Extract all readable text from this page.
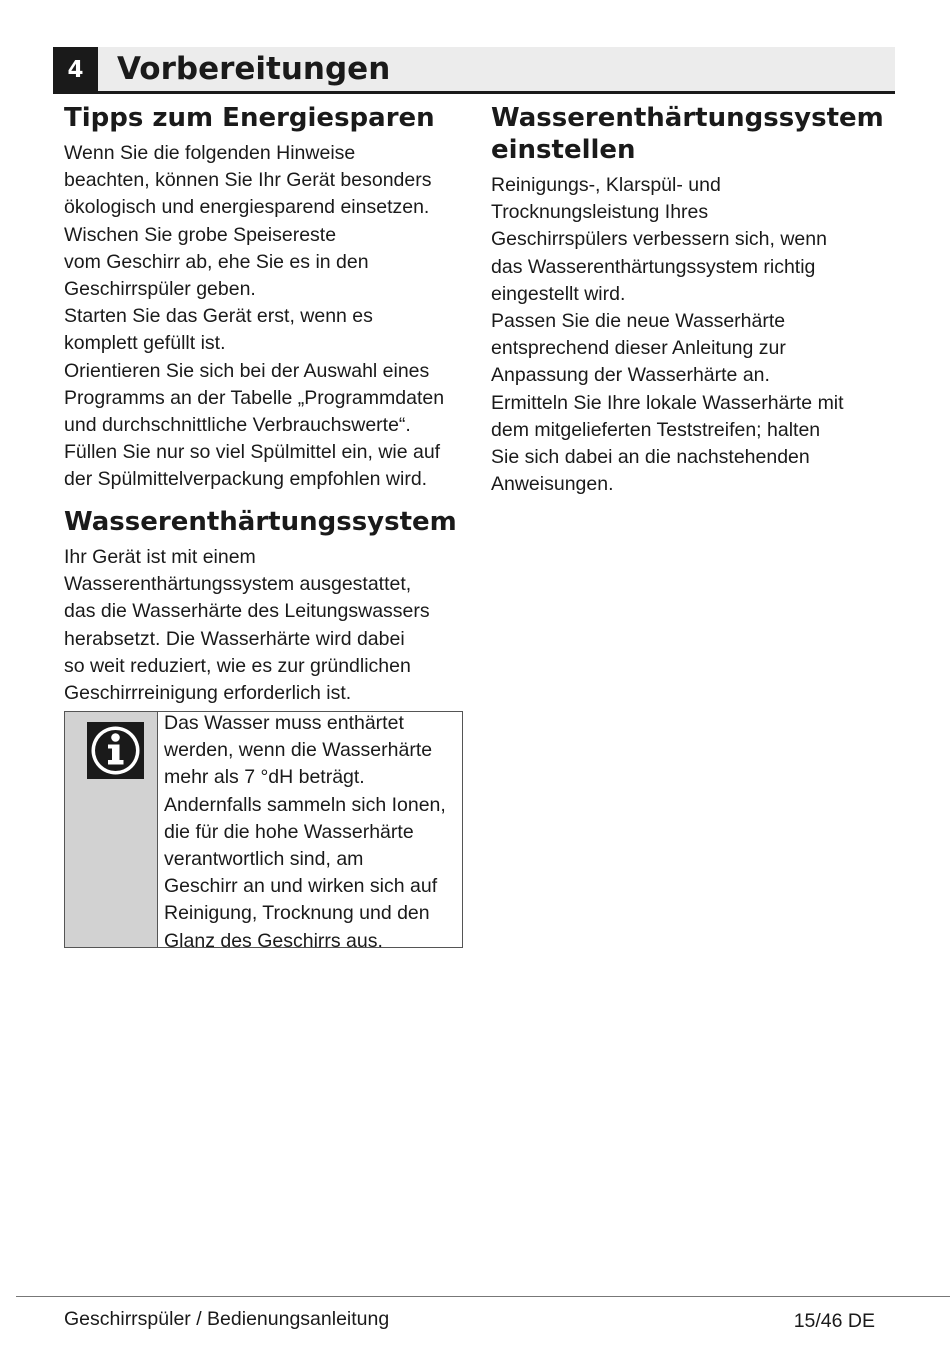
4	Vorbereitungen
Tipps zum Energiesparen
Wenn Sie die folgenden Hinweise
beachten, können Sie Ihr Gerät besonders
ökologisch und energiesparend einsetzen.
Wischen Sie grobe Speisereste
vom Geschirr ab, ehe Sie es in den
Geschirrspüler geben.
Starten Sie das Gerät erst, wenn es
komplett gefüllt ist.
Orientieren Sie sich bei der Auswahl eines
Programms an der Tabelle „Programmdaten
und durchschnittliche Verbrauchswerte“.
Füllen Sie nur so viel Spülmittel ein, wie auf
der Spülmittelverpackung empfohlen wird.
Wasserenthärtungssystem
Ihr Gerät ist mit einem
Wasserenthärtungssystem ausgestattet,
das die Wasserhärte des Leitungswassers
herabsetzt. Die Wasserhärte wird dabei
so weit reduziert, wie es zur gründlichen
Geschirrreinigung erforderlich ist.
Das Wasser muss enthärtet
werden, wenn die Wasserhärte
mehr als 7 °dH beträgt.
Andernfalls sammeln sich Ionen,
die für die hohe Wasserhärte
verantwortlich sind, am
Geschirr an und wirken sich auf
Reinigung, Trocknung und den
Glanz des Geschirrs aus.
Wasserenthärtungssystem
einstellen
Reinigungs-, Klarspül- und
Trocknungsleistung Ihres
Geschirrspülers verbessern sich, wenn
das Wasserenthärtungssystem richtig
eingestellt wird.
Passen Sie die neue Wasserhärte
entsprechend dieser Anleitung zur
Anpassung der Wasserhärte an.
Ermitteln Sie Ihre lokale Wasserhärte mit
dem mitgelieferten Teststreifen; halten
Sie sich dabei an die nachstehenden
Anweisungen.
Geschirrspüler / Bedienungsanleitung	15/46 DE
